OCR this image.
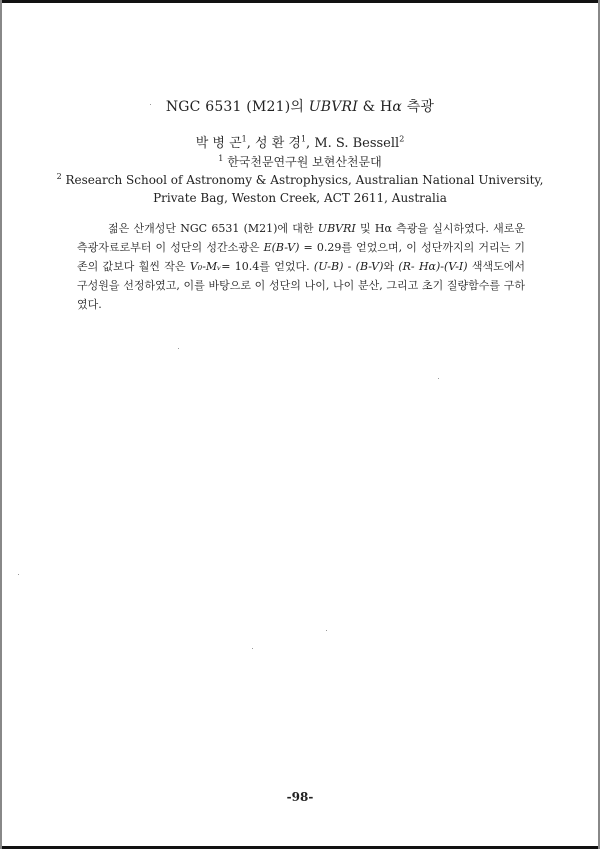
NGC 6531 (M21)의 UBVRI & Hα 측광
박 병 곤$^1$, 성 환 경$^1$, M. S. Bessell$^2$
$^1$ 한국천문연구원 보현산천문대
$^2$ Research School of Astronomy & Astrophysics, Australian National University,
Private Bag, Weston Creek, ACT 2611, Australia
젊은 산개성단 NGC 6531 (M21)에 대한 UBVRI 및 Hα 측광을 실시하였다. 새로운 측광자료로부터 이 성단의 성간소광은 E(B-V) = 0.29를 얻었으며, 이 성단까지의 거리는 기존의 값보다 훨씬 작은 V₀-Mᵥ= 10.4를 얻었다. (U-B) - (B-V)와 (R- Hα)-(V-I) 색색도에서 구성원을 선정하였고, 이를 바탕으로 이 성단의 나이, 나이 분산, 그리고 초기 질량함수를 구하였다.
-98-
